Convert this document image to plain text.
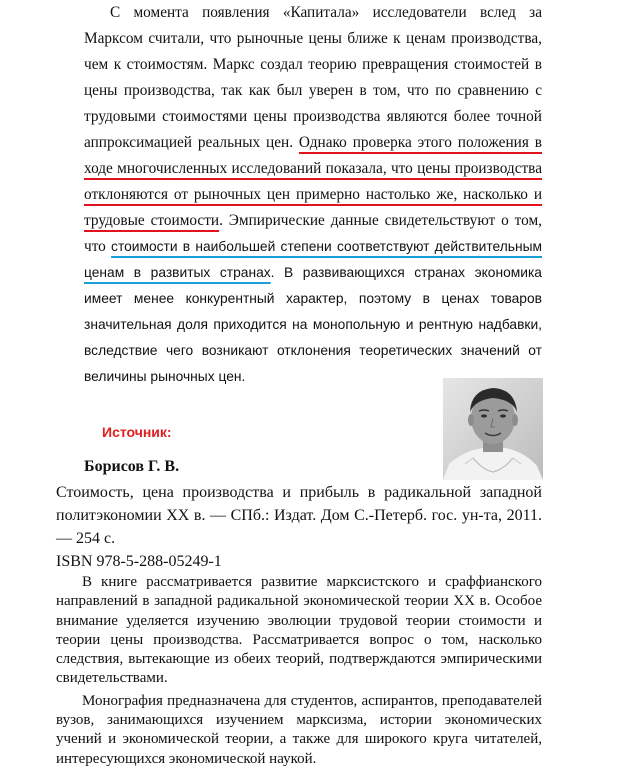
С момента появления «Капитала» исследователи вслед за Марксом считали, что рыночные цены ближе к ценам производства, чем к стоимостям. Маркс создал теорию превращения стоимостей в цены производства, так как был уверен в том, что по сравнению с трудовыми стоимостями цены производства являются более точной аппроксимацией реальных цен. Однако проверка этого положения в ходе многочисленных исследований показала, что цены производства отклоняются от рыночных цен примерно настолько же, насколько и трудовые стоимости. Эмпирические данные свидетельствуют о том, что стоимости в наибольшей степени соответствуют действительным ценам в развитых странах. В развивающихся странах экономика имеет менее конкурентный характер, поэтому в ценах товаров значительная доля приходится на монопольную и рентную надбавки, вследствие чего возникают отклонения теоретических значений от величины рыночных цен.
Источник:
Борисов Г. В.

Стоимость, цена производства и прибыль в радикальной западной политэкономии XX в. — СПб.: Издат. Дом С.-Петерб. гос. ун-та, 2011. — 254 с.

ISBN 978-5-288-05249-1

В книге рассматривается развитие марксистского и сраффианского направлений в западной радикальной экономической теории XX в. Особое внимание уделяется изучению эволюции трудовой теории стоимости и теории цены производства. Рассматривается вопрос о том, насколько следствия, вытекающие из обеих теорий, подтверждаются эмпирическими свидетельствами.

Монография предназначена для студентов, аспирантов, преподавателей вузов, занимающихся изучением марксизма, истории экономических учений и экономической теории, а также для широкого круга читателей, интересующихся экономической наукой.
